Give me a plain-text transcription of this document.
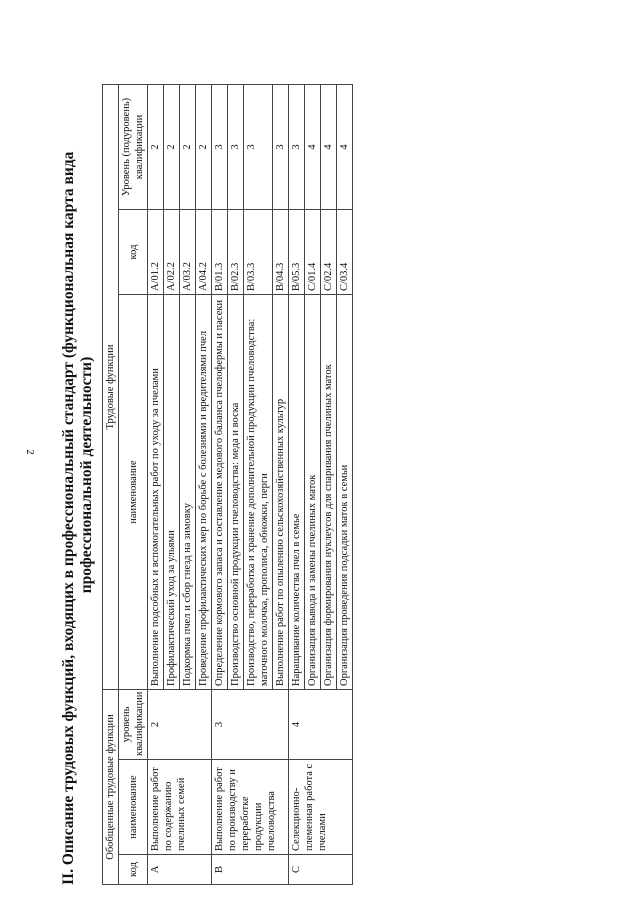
2 II. Описание трудовых функций, входящих в профессиональный стандарт (функциональная карта вида профессиональной деятельности)

Обобщенные трудовые функции			Трудовые функции		
код	наименование	уровень квалификации	наименование	код	Уровень (подуровень) квалификации
A	Выполнение работ по содержанию пчелиных семей	2	Выполнение подсобных и вспомогательных работ по уходу за пчелами	A/01.2	2
			Профилактический уход за ульями	A/02.2	2
			Подкормка пчел и сбор гнезд на зимовку	A/03.2	2
			Проведение профилактических мер по борьбе с болезнями и вредителями пчел	A/04.2	2
B	Выполнение работ по производству и переработке продукции пчеловодства	3	Определение кормового запаса и составление медового баланса пчелофермы и пасеки	B/01.3	3
			Производство основной продукции пчеловодства: меда и воска	B/02.3	3
			Производство, переработка и хранение дополнительной продукции пчеловодства: маточного молочка, прополиса, обножки, перги	B/03.3	3
			Выполнение работ по опылению сельскохозяйственных культур	B/04.3	3
C	Селекционно-племенная работа с пчелами	4	Наращивание количества пчел в семье	B/05.3	3
			Организация вывода и замены пчелиных маток	C/01.4	4
			Организация формирования нуклеусов для спаривания пчелиных маток	C/02.4	4
			Организация проведения подсадки маток в семьи	C/03.4	4
